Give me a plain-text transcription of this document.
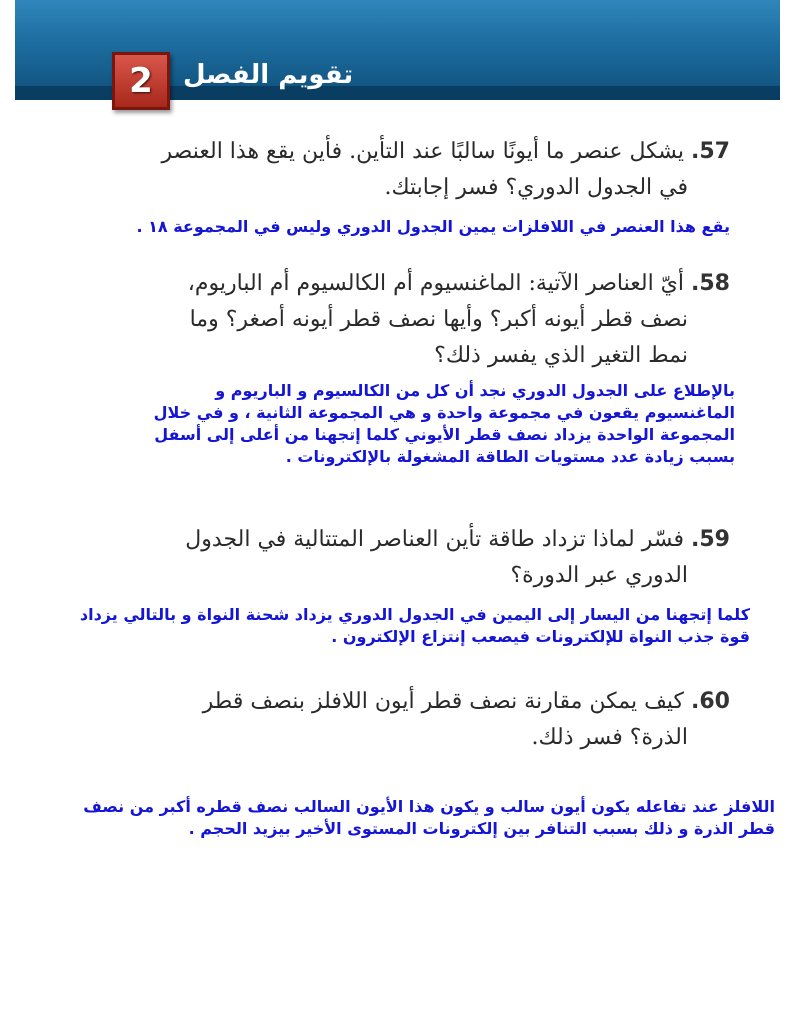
تقويم الفصل
2

57. يشكل عنصر ما أيونًا سالبًا عند التأين. فأين يقع هذا العنصر
في الجدول الدوري؟ فسر إجابتك.

يقع هذا العنصر في اللافلزات يمين الجدول الدوري وليس في المجموعة ١٨ .

58. أيّ العناصر الآتية: الماغنسيوم أم الكالسيوم أم الباريوم،
نصف قطر أيونه أكبر؟ وأيها نصف قطر أيونه أصغر؟ وما
نمط التغير الذي يفسر ذلك؟

بالإطلاع على الجدول الدوري نجد أن كل من الكالسيوم و الباريوم و
الماغنسيوم يقعون في مجموعة واحدة و هي المجموعة الثانية ، و في خلال
المجموعة الواحدة يزداد نصف قطر الأيوني كلما إتجهنا من أعلى إلى أسفل
بسبب زيادة عدد مستويات الطاقة المشغولة بالإلكترونات .

59. فسّر لماذا تزداد طاقة تأين العناصر المتتالية في الجدول
الدوري عبر الدورة؟

كلما إتجهنا من اليسار إلى اليمين في الجدول الدوري يزداد شحنة النواة و بالتالي يزداد
قوة جذب النواة للإلكترونات فيصعب إنتزاع الإلكترون .

60. كيف يمكن مقارنة نصف قطر أيون اللافلز بنصف قطر
الذرة؟ فسر ذلك.

اللافلز عند تفاعله يكون أيون سالب و يكون هذا الأيون السالب نصف قطره أكبر من نصف
قطر الذرة و ذلك بسبب التنافر بين إلكترونات المستوى الأخير بيزيد الحجم .
